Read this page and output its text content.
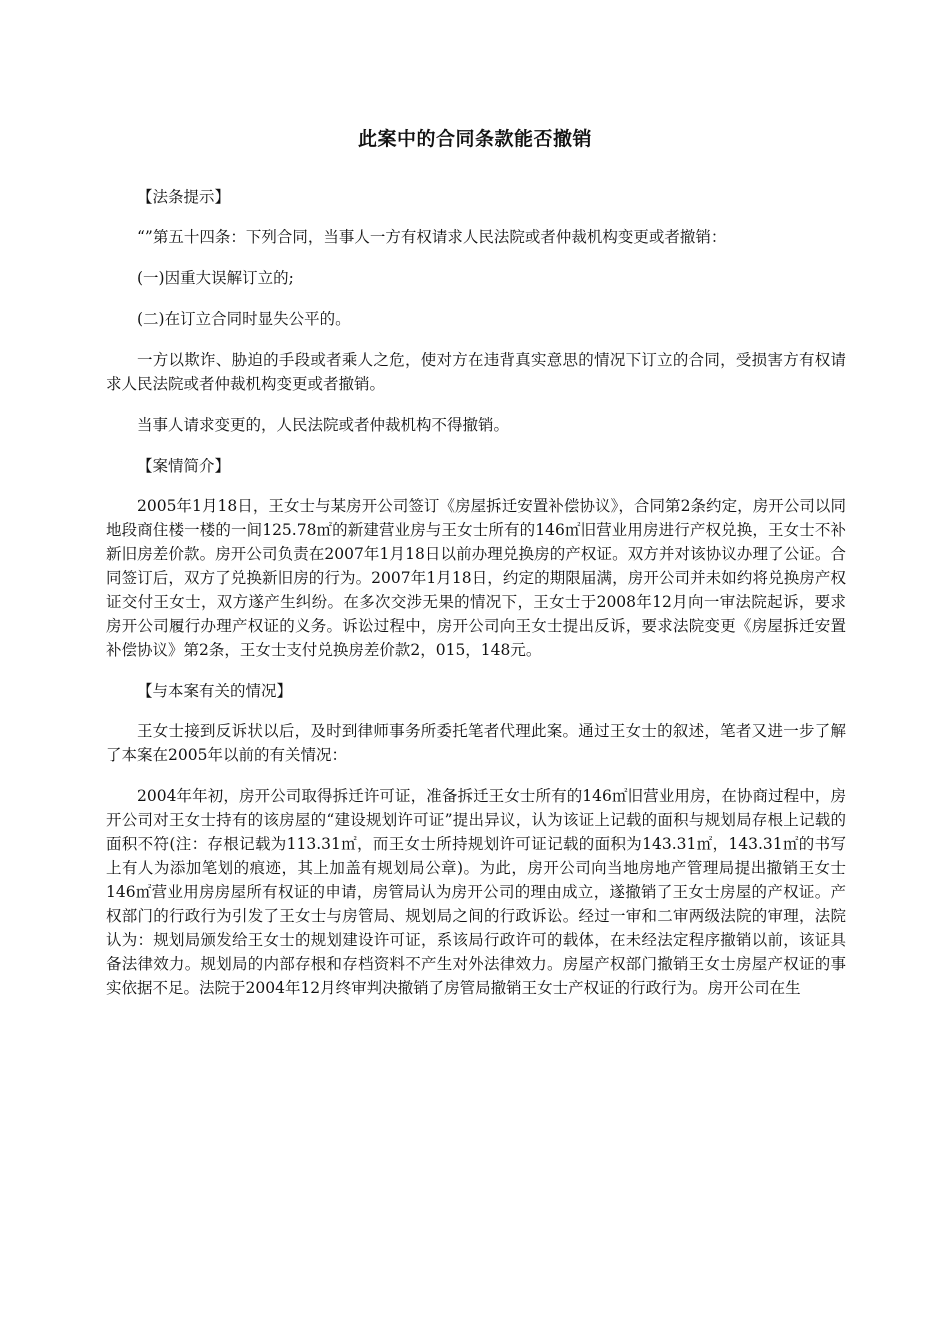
此案中的合同条款能否撤销

【法条提示】

“”第五十四条：下列合同，当事人一方有权请求人民法院或者仲裁机构变更或者撤销：

(一)因重大误解订立的;

(二)在订立合同时显失公平的。

一方以欺诈、胁迫的手段或者乘人之危，使对方在违背真实意思的情况下订立的合同，受损害方有权请求人民法院或者仲裁机构变更或者撤销。

当事人请求变更的，人民法院或者仲裁机构不得撤销。

【案情简介】

2005年1月18日，王女士与某房开公司签订《房屋拆迁安置补偿协议》，合同第2条约定，房开公司以同地段商住楼一楼的一间125.78㎡的新建营业房与王女士所有的146㎡旧营业用房进行产权兑换，王女士不补新旧房差价款。房开公司负责在2007年1月18日以前办理兑换房的产权证。双方并对该协议办理了公证。合同签订后，双方了兑换新旧房的行为。2007年1月18日，约定的期限届满，房开公司并未如约将兑换房产权证交付王女士，双方遂产生纠纷。在多次交涉无果的情况下，王女士于2008年12月向一审法院起诉，要求房开公司履行办理产权证的义务。诉讼过程中，房开公司向王女士提出反诉，要求法院变更《房屋拆迁安置补偿协议》第2条，王女士支付兑换房差价款2，015，148元。

【与本案有关的情况】

王女士接到反诉状以后，及时到律师事务所委托笔者代理此案。通过王女士的叙述，笔者又进一步了解了本案在2005年以前的有关情况：

2004年年初，房开公司取得拆迁许可证，准备拆迁王女士所有的146㎡旧营业用房，在协商过程中，房开公司对王女士持有的该房屋的“建设规划许可证”提出异议，认为该证上记载的面积与规划局存根上记载的面积不符(注：存根记载为113.31㎡，而王女士所持规划许可证记载的面积为143.31㎡，143.31㎡的书写上有人为添加笔划的痕迹，其上加盖有规划局公章)。为此，房开公司向当地房地产管理局提出撤销王女士146㎡营业用房房屋所有权证的申请，房管局认为房开公司的理由成立，遂撤销了王女士房屋的产权证。产权部门的行政行为引发了王女士与房管局、规划局之间的行政诉讼。经过一审和二审两级法院的审理，法院认为：规划局颁发给王女士的规划建设许可证，系该局行政许可的载体，在未经法定程序撤销以前，该证具备法律效力。规划局的内部存根和存档资料不产生对外法律效力。房屋产权部门撤销王女士房屋产权证的事实依据不足。法院于2004年12月终审判决撤销了房管局撤销王女士产权证的行政行为。房开公司在生
